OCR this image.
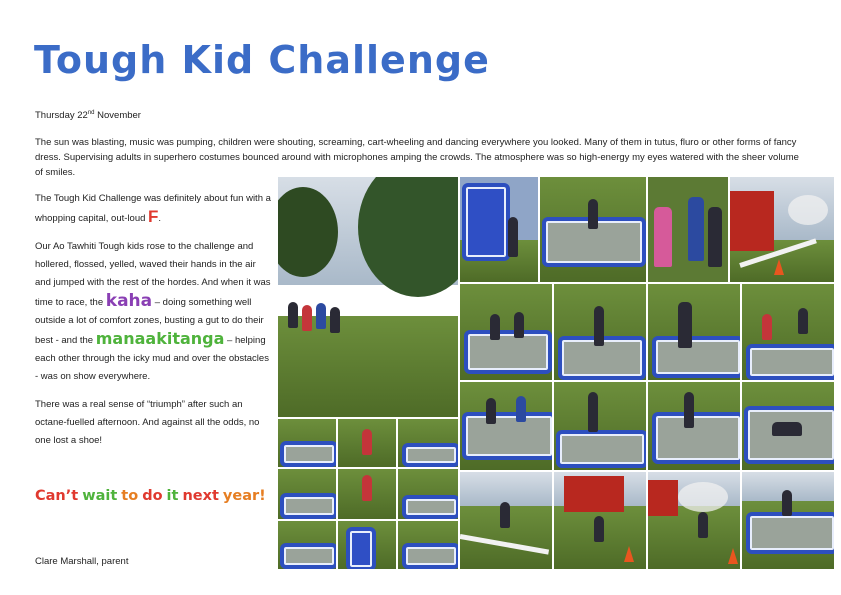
Tough Kid Challenge
Thursday 22nd November
The sun was blasting, music was pumping, children were shouting, screaming, cart-wheeling and dancing everywhere you looked. Many of them in tutus, fluro or other forms of fancy dress. Supervising adults in superhero costumes bounced around with microphones amping the crowds. The atmosphere was so high-energy my eyes watered with the sheer volume of smiles.

The Tough Kid Challenge was definitely about fun with a whopping capital, out-loud F.

Our Ao Tawhiti Tough kids rose to the challenge and hollered, flossed, yelled, waved their hands in the air and jumped with the rest of the hordes. And when it was time to race, the kaha – doing something well outside a lot of comfort zones, busting a gut to do their best - and the manaakitanga – helping each other through the icky mud and over the obstacles - was on show everywhere.

There was a real sense of “triumph” after such an octane-fuelled afternoon. And against all the odds, no one lost a shoe!

Can’t wait to do it next year!
Clare Marshall, parent
